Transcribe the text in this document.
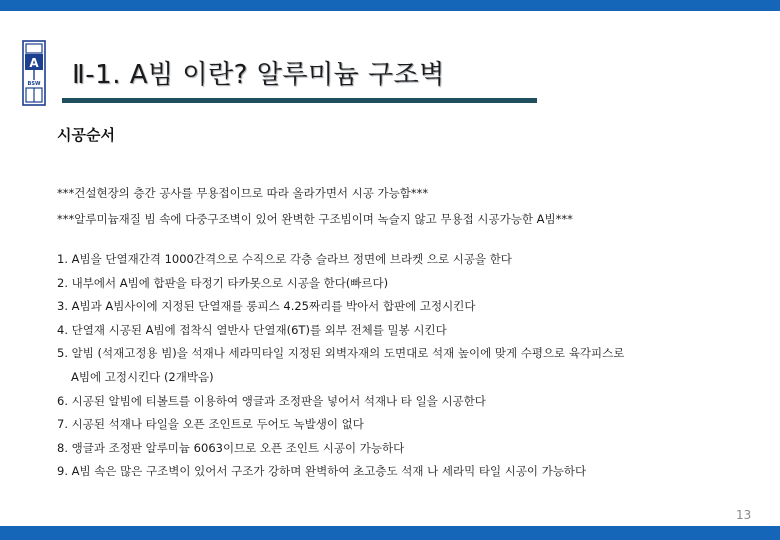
A
BSW Ⅱ-1. A빔 이란? 알루미늄 구조벽
시공순서
***건설현장의 층간 공사를 무용접이므로 따라 올라가면서 시공 가능함***
***알루미늄재질 빔 속에 다중구조벽이 있어 완벽한 구조빔이며 녹슬지 않고 무용접 시공가능한 A빔***
1. A빔을 단열재간격 1000간격으로 수직으로 각층 슬라브 정면에 브라켓 으로 시공을 한다
2. 내부에서 A빔에 합판을 타정기 타카못으로 시공을 한다(빠르다)
3. A빔과 A빔사이에 지정된 단열재를 롱피스 4.25짜리를 박아서 합판에 고정시킨다
4. 단열재 시공된 A빔에 접착식 열반사 단열재(6T)를 외부 전체를 밀봉 시킨다
5. 알빔 (석재고정용 빔)을 석재나 세라믹타일 지정된 외벽자재의 도면대로 석재 높이에 맞게 수평으로 육각피스로
A빔에 고정시킨다 (2개박음)
6. 시공된 알빔에 티볼트를 이용하여 앵글과 조정판을 넣어서 석재나 타 일을 시공한다
7. 시공된 석재나 타일을 오픈 조인트로 두어도 녹발생이 없다
8. 앵글과 조정판 알루미늄 6063이므로 오픈 조인트 시공이 가능하다
9. A빔 속은 많은 구조벽이 있어서 구조가 강하며 완벽하여 초고층도 석재 나 세라믹 타일 시공이 가능하다
13
